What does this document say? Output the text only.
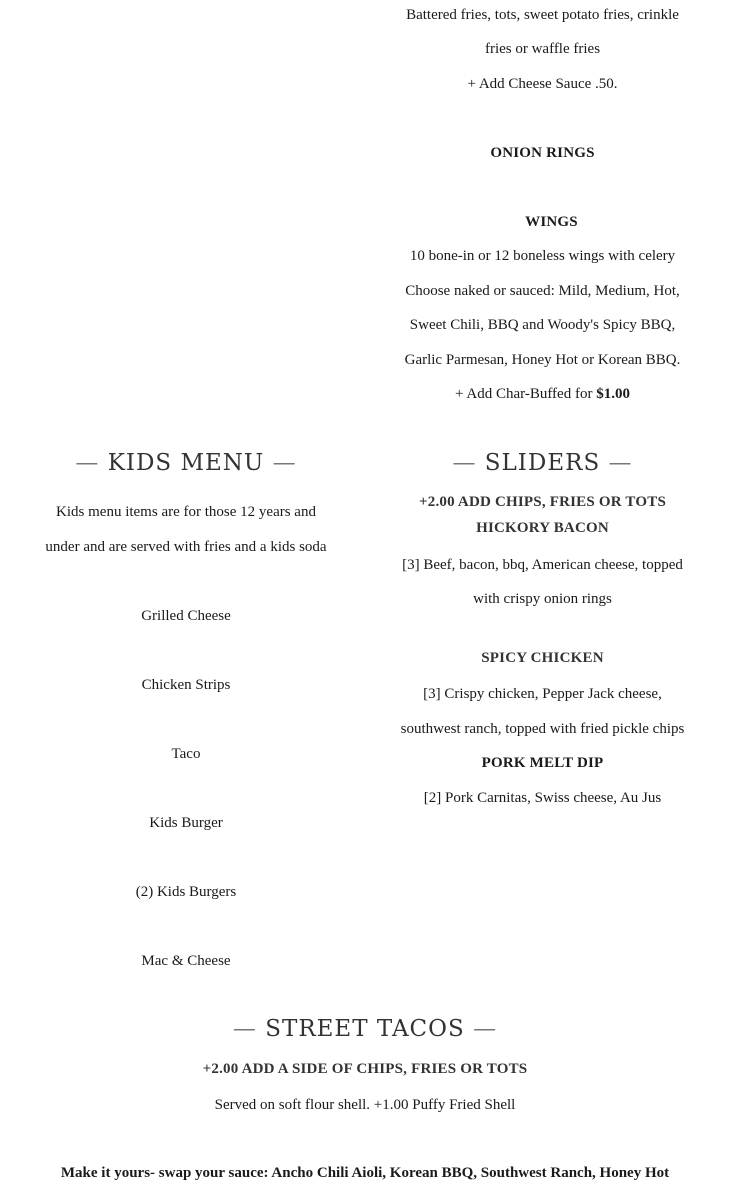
Battered fries, tots, sweet potato fries, crinkle
fries or waffle fries
+ Add Cheese Sauce .50.
ONION RINGS
WINGS
10 bone-in or 12 boneless wings with celery
Choose naked or sauced: Mild, Medium, Hot,
Sweet Chili, BBQ and Woody's Spicy BBQ,
Garlic Parmesan, Honey Hot or Korean BBQ.
+ Add Char-Buffed for $1.00
— KIDS MENU —
Kids menu items are for those 12 years and
under and are served with fries and a kids soda
Grilled Cheese
Chicken Strips
Taco
Kids Burger
(2) Kids Burgers
Mac & Cheese
— SLIDERS —
+2.00 ADD CHIPS, FRIES OR TOTS
HICKORY BACON
[3] Beef, bacon, bbq, American cheese, topped
with crispy onion rings
SPICY CHICKEN
[3] Crispy chicken, Pepper Jack cheese,
southwest ranch, topped with fried pickle chips
PORK MELT DIP
[2] Pork Carnitas, Swiss cheese, Au Jus
— STREET TACOS —
+2.00 ADD A SIDE OF CHIPS, FRIES OR TOTS
Served on soft flour shell. +1.00 Puffy Fried Shell
Make it yours- swap your sauce: Ancho Chili Aioli, Korean BBQ, Southwest Ranch, Honey Hot
